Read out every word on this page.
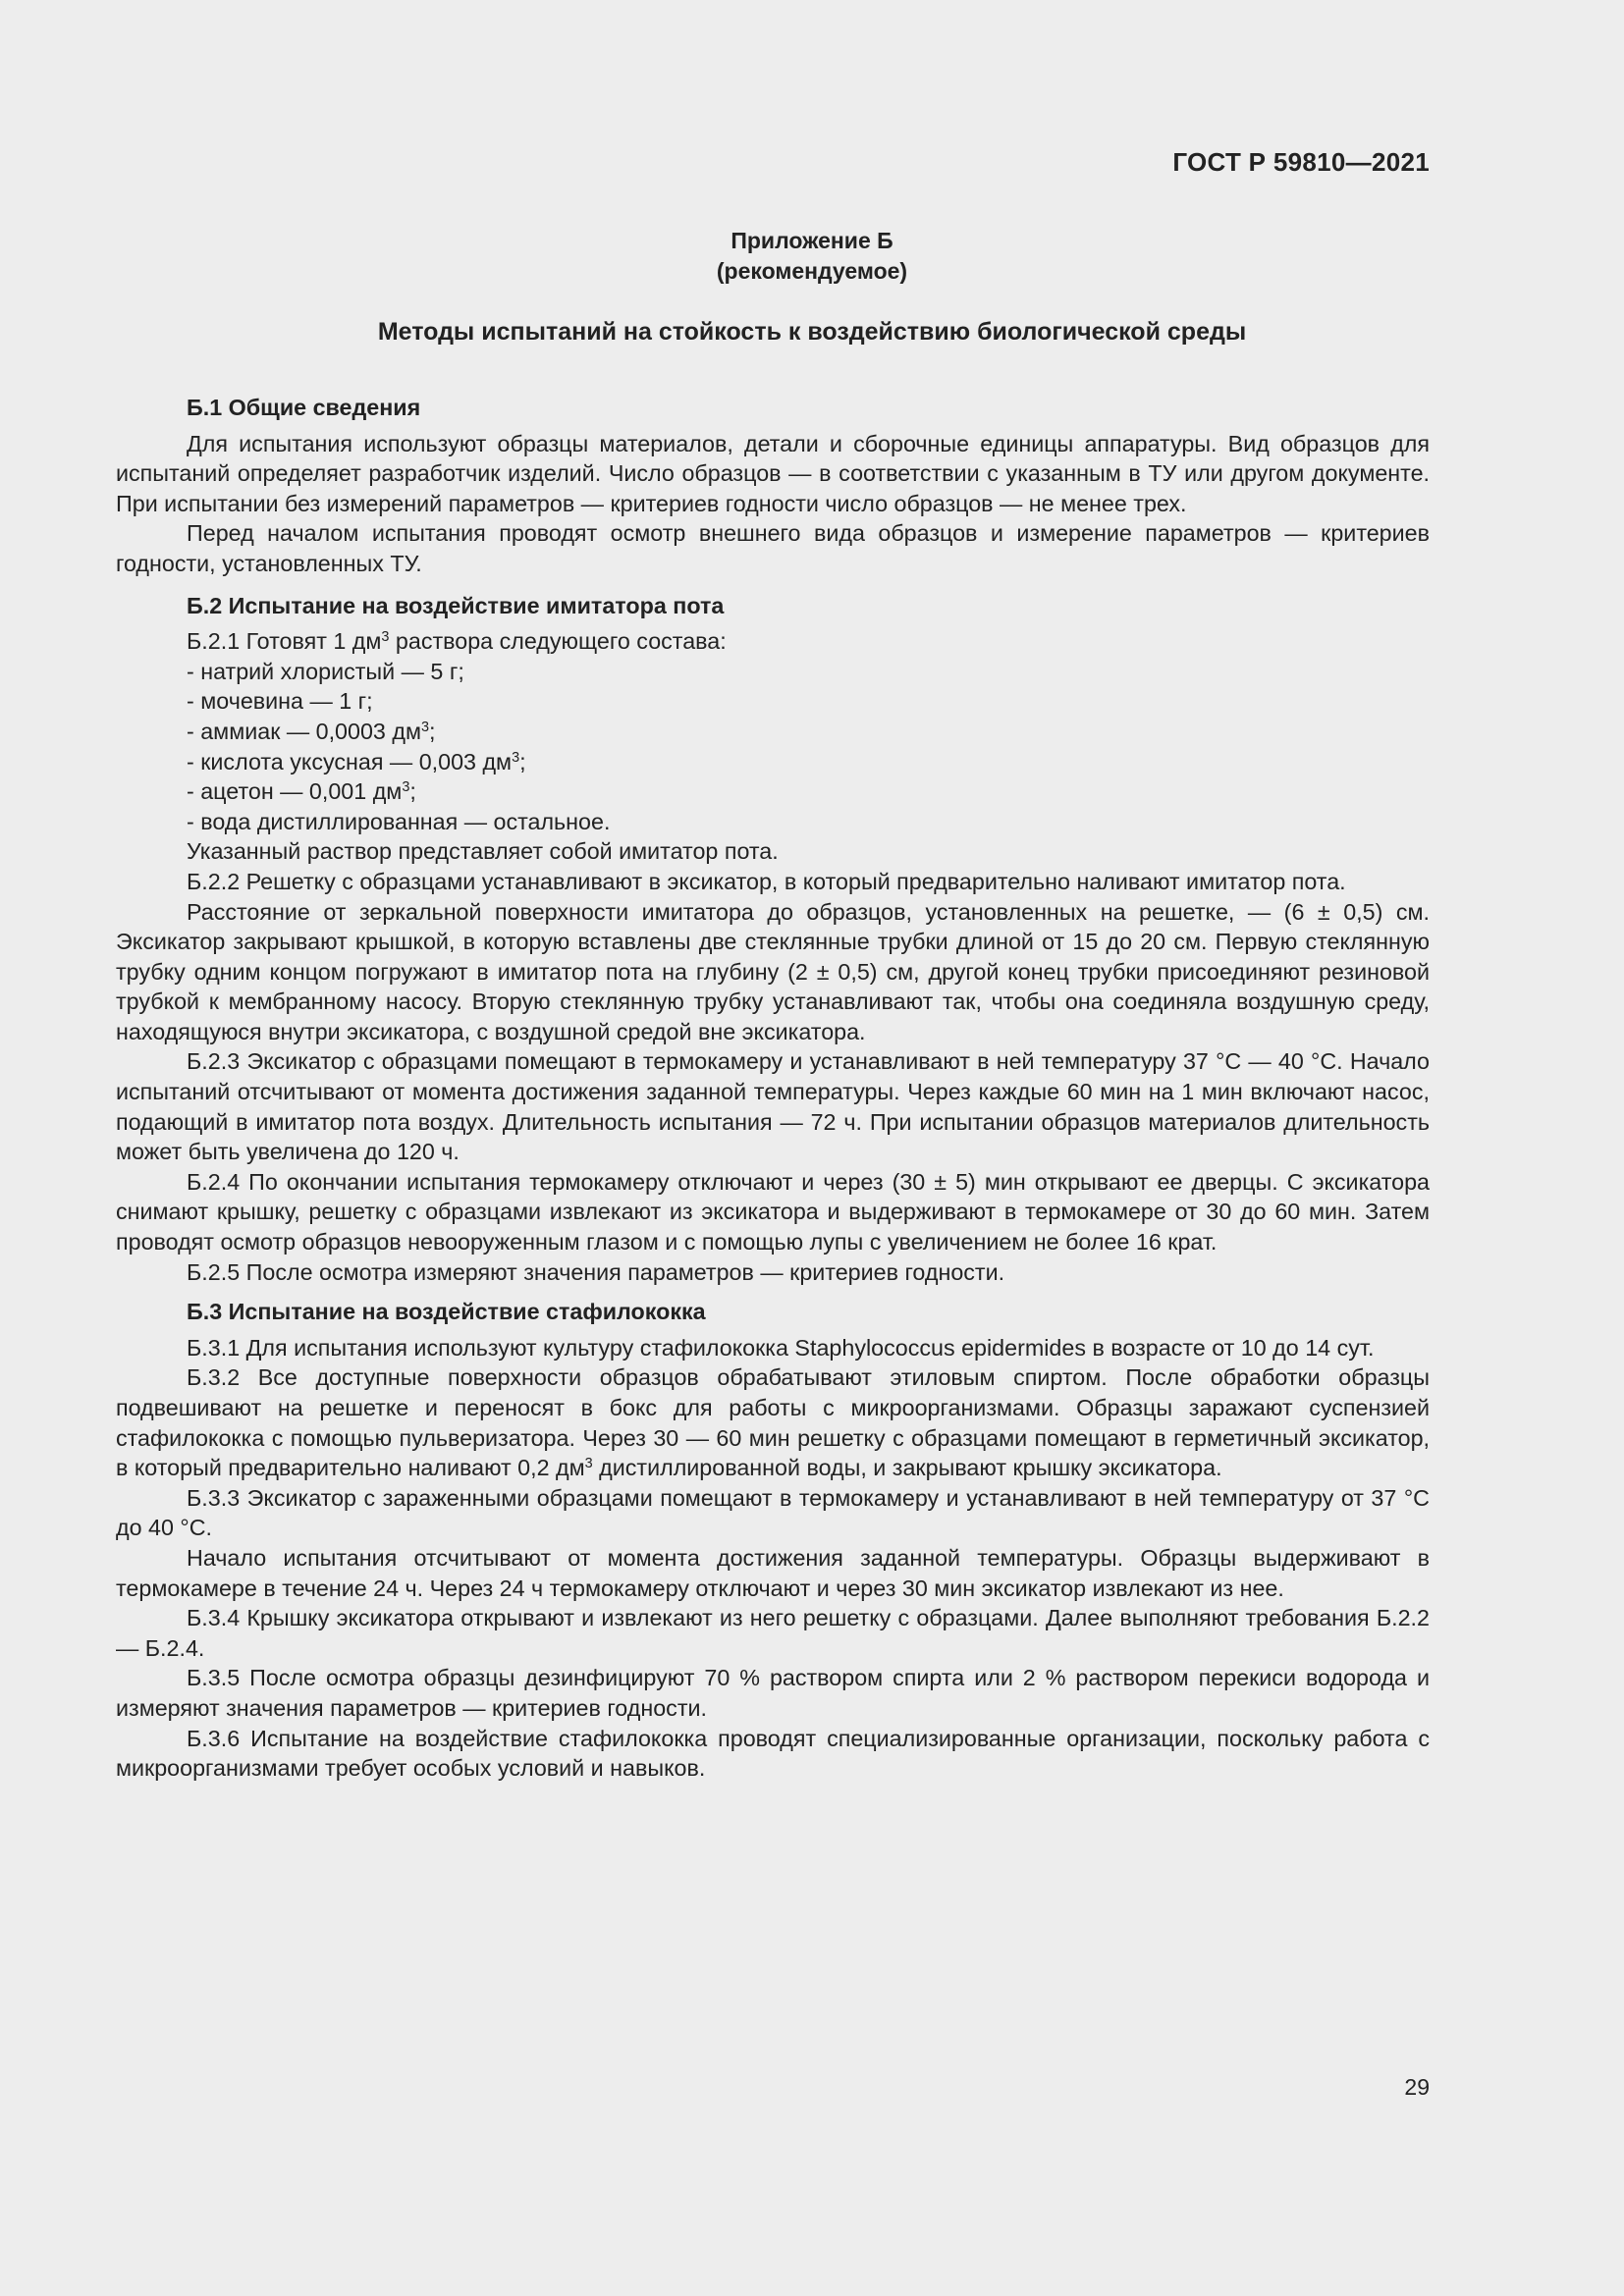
ГОСТ Р 59810—2021
Приложение Б
(рекомендуемое)
Методы испытаний на стойкость к воздействию биологической среды
Б.1 Общие сведения

Для испытания используют образцы материалов, детали и сборочные единицы аппаратуры. Вид образцов для испытаний определяет разработчик изделий. Число образцов — в соответствии с указанным в ТУ или другом документе. При испытании без измерений параметров — критериев годности число образцов — не менее трех.

Перед началом испытания проводят осмотр внешнего вида образцов и измерение параметров — критериев годности, установленных ТУ.

Б.2 Испытание на воздействие имитатора пота

Б.2.1 Готовят 1 $дм^3$ раствора следующего состава:

- натрий хлористый — 5 г;
- мочевина — 1 г;
- аммиак — 0,0003 $дм^3$;
- кислота уксусная — 0,003 $дм^3$;
- ацетон — 0,001 $дм^3$;
- вода дистиллированная — остальное.

Указанный раствор представляет собой имитатор пота.

Б.2.2 Решетку с образцами устанавливают в эксикатор, в который предварительно наливают имитатор пота.

Расстояние от зеркальной поверхности имитатора до образцов, установленных на решетке, — (6 ± 0,5) см. Эксикатор закрывают крышкой, в которую вставлены две стеклянные трубки длиной от 15 до 20 см. Первую стеклянную трубку одним концом погружают в имитатор пота на глубину (2 ± 0,5) см, другой конец трубки присоединяют резиновой трубкой к мембранному насосу. Вторую стеклянную трубку устанавливают так, чтобы она соединяла воздушную среду, находящуюся внутри эксикатора, с воздушной средой вне эксикатора.

Б.2.3 Эксикатор с образцами помещают в термокамеру и устанавливают в ней температуру 37 °С — 40 °С. Начало испытаний отсчитывают от момента достижения заданной температуры. Через каждые 60 мин на 1 мин включают насос, подающий в имитатор пота воздух. Длительность испытания — 72 ч. При испытании образцов материалов длительность может быть увеличена до 120 ч.

Б.2.4 По окончании испытания термокамеру отключают и через (30 ± 5) мин открывают ее дверцы. С эксикатора снимают крышку, решетку с образцами извлекают из эксикатора и выдерживают в термокамере от 30 до 60 мин. Затем проводят осмотр образцов невооруженным глазом и с помощью лупы с увеличением не более 16 крат.

Б.2.5 После осмотра измеряют значения параметров — критериев годности.

Б.3 Испытание на воздействие стафилококка

Б.3.1 Для испытания используют культуру стафилококка Staphylococcus epidermides в возрасте от 10 до 14 сут.

Б.3.2 Все доступные поверхности образцов обрабатывают этиловым спиртом. После обработки образцы подвешивают на решетке и переносят в бокс для работы с микроорганизмами. Образцы заражают суспензией стафилококка с помощью пульверизатора. Через 30 — 60 мин решетку с образцами помещают в герметичный эксикатор, в который предварительно наливают 0,2 $дм^3$ дистиллированной воды, и закрывают крышку эксикатора.

Б.3.3 Эксикатор с зараженными образцами помещают в термокамеру и устанавливают в ней температуру от 37 °С до 40 °С.

Начало испытания отсчитывают от момента достижения заданной температуры. Образцы выдерживают в термокамере в течение 24 ч. Через 24 ч термокамеру отключают и через 30 мин эксикатор извлекают из нее.

Б.3.4 Крышку эксикатора открывают и извлекают из него решетку с образцами. Далее выполняют требования Б.2.2 — Б.2.4.

Б.3.5 После осмотра образцы дезинфицируют 70 % раствором спирта или 2 % раствором перекиси водорода и измеряют значения параметров — критериев годности.

Б.3.6 Испытание на воздействие стафилококка проводят специализированные организации, поскольку работа с микроорганизмами требует особых условий и навыков.

29
